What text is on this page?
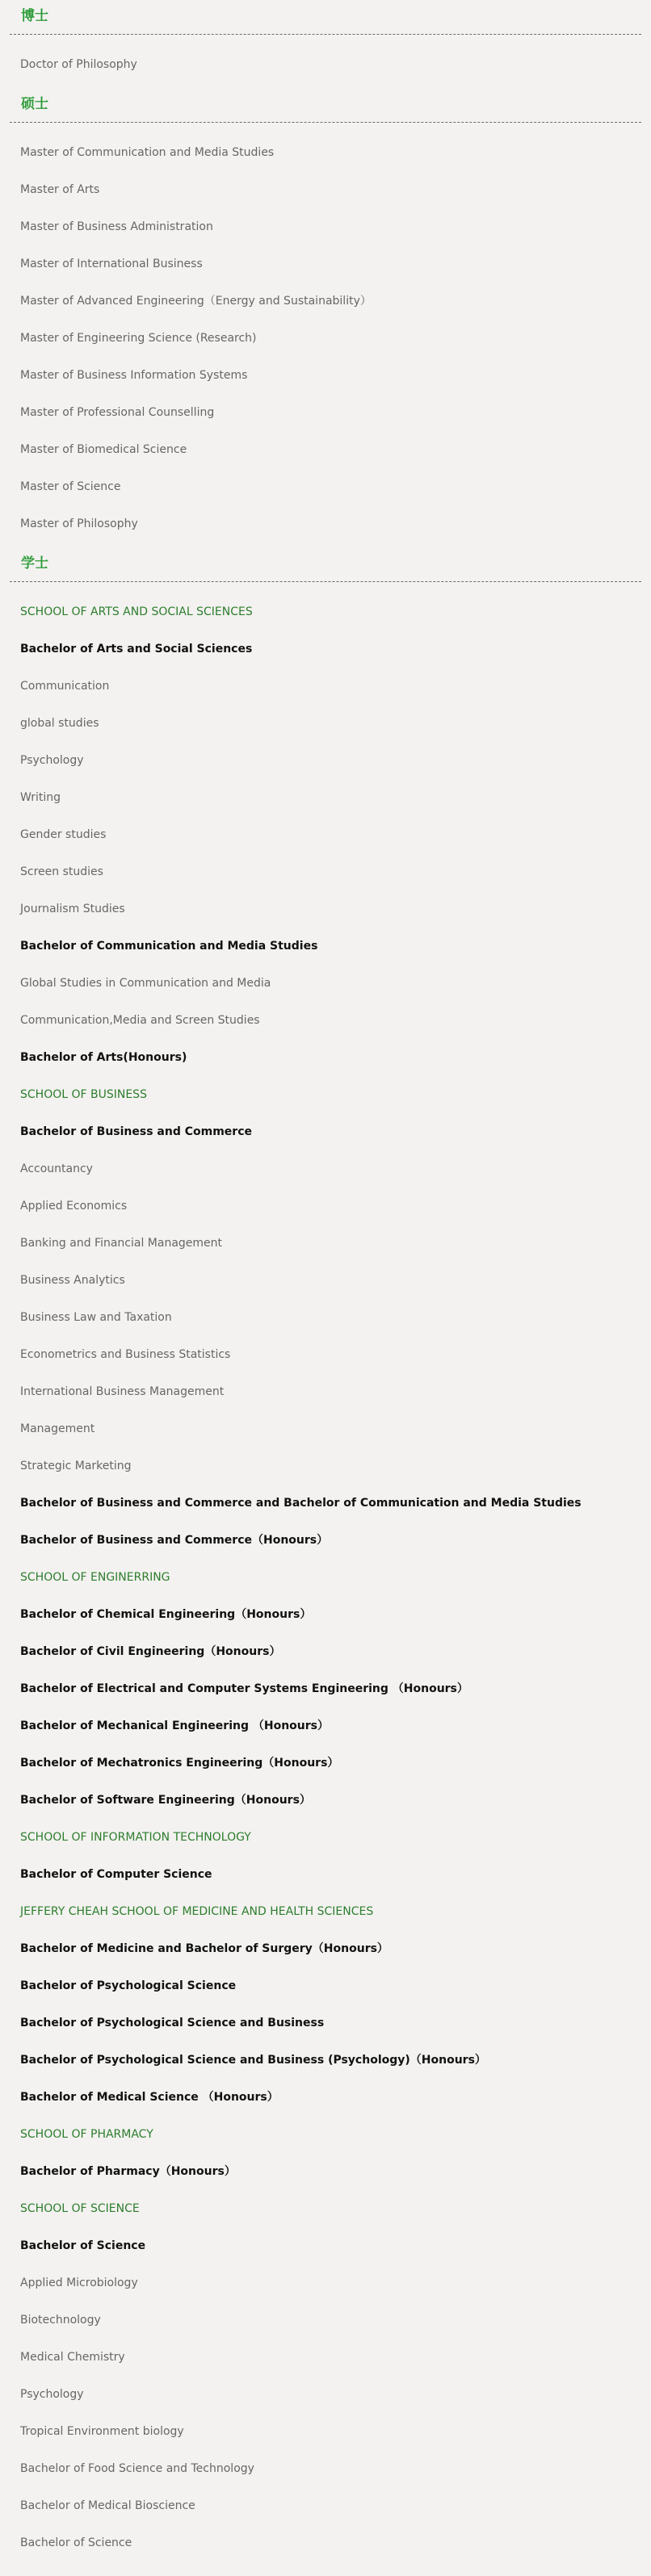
博士
Doctor of Philosophy
硕士
Master of Communication and Media Studies
Master of Arts
Master of Business Administration
Master of International Business
Master of Advanced Engineering（Energy and Sustainability）
Master of Engineering Science (Research)
Master of Business Information Systems
Master of Professional Counselling
Master of Biomedical Science
Master of Science
Master of Philosophy
学士
SCHOOL OF ARTS AND SOCIAL SCIENCES
Bachelor of Arts and Social Sciences
Communication
global studies
Psychology
Writing
Gender studies
Screen studies
Journalism Studies
Bachelor of Communication and Media Studies
Global Studies in Communication and Media
Communication,Media and Screen Studies
Bachelor of Arts(Honours)
SCHOOL OF BUSINESS
Bachelor of Business and Commerce
Accountancy
Applied Economics
Banking and Financial Management
Business Analytics
Business Law and Taxation
Econometrics and Business Statistics
International Business Management
Management
Strategic Marketing
Bachelor of Business and Commerce and Bachelor of Communication and Media Studies
Bachelor of Business and Commerce（Honours）
SCHOOL OF ENGINERRING
Bachelor of Chemical Engineering（Honours）
Bachelor of Civil Engineering（Honours）
Bachelor of Electrical and Computer Systems Engineering （Honours）
Bachelor of Mechanical Engineering （Honours）
Bachelor of Mechatronics Engineering（Honours）
Bachelor of Software Engineering（Honours）
SCHOOL OF INFORMATION TECHNOLOGY
Bachelor of Computer Science
JEFFERY CHEAH SCHOOL OF MEDICINE AND HEALTH SCIENCES
Bachelor of Medicine and Bachelor of Surgery（Honours）
Bachelor of Psychological Science
Bachelor of Psychological Science and Business
Bachelor of Psychological Science and Business (Psychology)（Honours）
Bachelor of Medical Science （Honours）
SCHOOL OF PHARMACY
Bachelor of Pharmacy（Honours）
SCHOOL OF SCIENCE
Bachelor of Science
Applied Microbiology
Biotechnology
Medical Chemistry
Psychology
Tropical Environment biology
Bachelor of Food Science and Technology
Bachelor of Medical Bioscience
Bachelor of Science
